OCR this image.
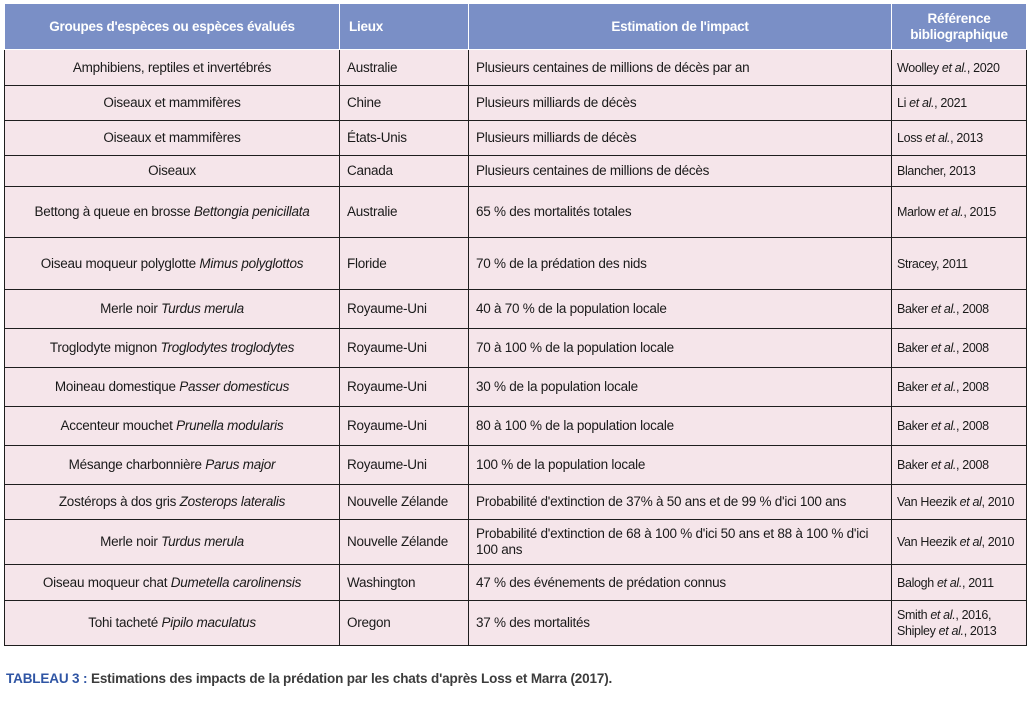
Groupes d'espèces ou espèces évalués	Lieux	Estimation de l'impact	Référence bibliographique
Amphibiens, reptiles et invertébrés	Australie	Plusieurs centaines de millions de décès par an	Woolley et al., 2020

Oiseaux et mammifères	Chine	Plusieurs milliards de décès	Li et al., 2021

Oiseaux et mammifères	États-Unis	Plusieurs milliards de décès	Loss et al., 2013

Oiseaux	Canada	Plusieurs centaines de millions de décès	Blancher, 2013

Bettong à queue en brosse Bettongia penicillata	Australie	65 % des mortalités totales	Marlow et al., 2015

Oiseau moqueur polyglotte Mimus polyglottos	Floride	70 % de la prédation des nids	Stracey, 2011

Merle noir Turdus merula	Royaume-Uni	40 à 70 % de la population locale	Baker et al., 2008

Troglodyte mignon Troglodytes troglodytes	Royaume-Uni	70 à 100 % de la population locale	Baker et al., 2008

Moineau domestique Passer domesticus	Royaume-Uni	30 % de la population locale	Baker et al., 2008

Accenteur mouchet Prunella modularis	Royaume-Uni	80 à 100 % de la population locale	Baker et al., 2008

Mésange charbonnière Parus major	Royaume-Uni	100 % de la population locale	Baker et al., 2008

Zostérops à dos gris Zosterops lateralis	Nouvelle Zélande	Probabilité d'extinction de 37% à 50 ans et de 99 % d'ici 100 ans	Van Heezik et al, 2010

Merle noir Turdus merula	Nouvelle Zélande	Probabilité d'extinction de 68 à 100 % d'ici 50 ans et 88 à 100 % d'ici 100 ans	Van Heezik et al, 2010

Oiseau moqueur chat Dumetella carolinensis	Washington	47 % des événements de prédation connus	Balogh et al., 2011

Tohi tacheté Pipilo maculatus	Oregon	37 % des mortalités	Smith et al., 2016,
Shipley et al., 2013
TABLEAU 3 : Estimations des impacts de la prédation par les chats d'après Loss et Marra (2017).
